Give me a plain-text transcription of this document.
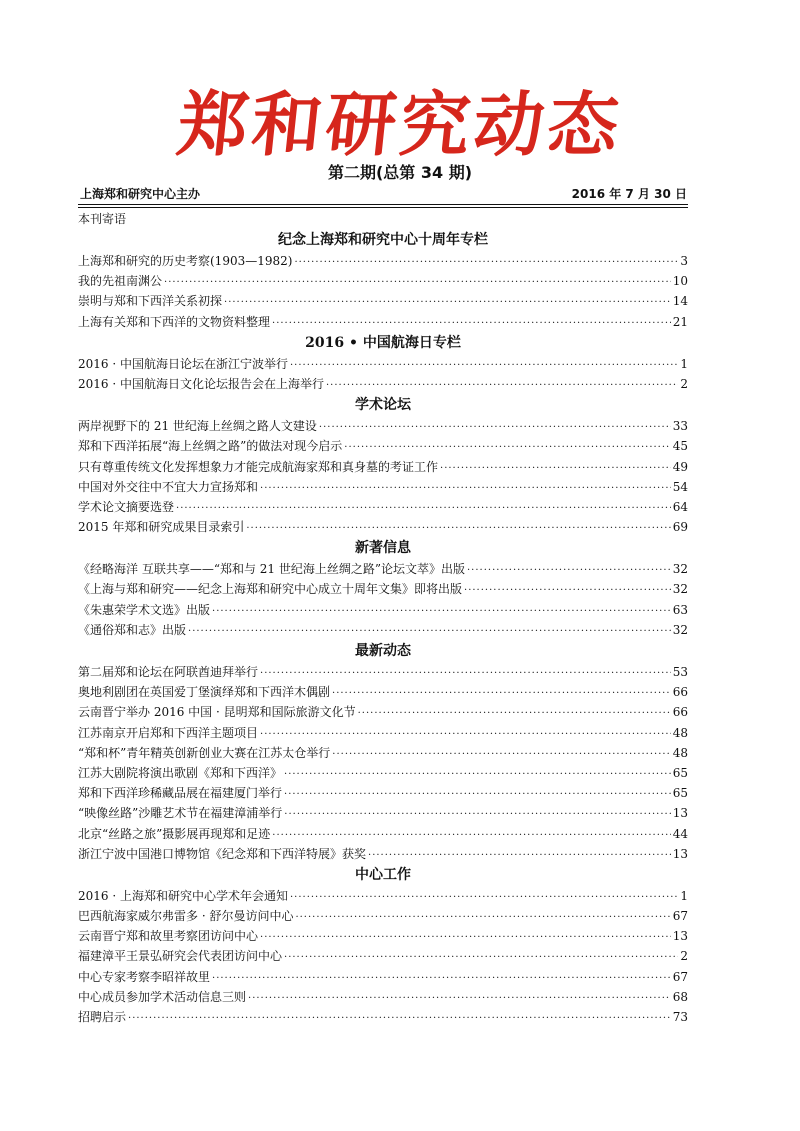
郑和研究动态
第二期(总第 34 期)
上海郑和研究中心主办	2016 年 7 月 30 日
本刊寄语
纪念上海郑和研究中心十周年专栏
上海郑和研究的历史考察(1903—1982) ·····	3
我的先祖南渊公 ·····	10
崇明与郑和下西洋关系初探 ·····	14
上海有关郑和下西洋的文物资料整理 ·····	21
2016 • 中国航海日专栏
2016 · 中国航海日论坛在浙江宁波举行 ·····	1
2016 · 中国航海日文化论坛报告会在上海举行 ·····	2
学术论坛
两岸视野下的 21 世纪海上丝绸之路人文建设 ·····	33
郑和下西洋拓展“海上丝绸之路”的做法对现今启示 ·····	45
只有尊重传统文化发挥想象力才能完成航海家郑和真身墓的考证工作 ·····	49
中国对外交往中不宜大力宣扬郑和 ·····	54
学术论文摘要选登 ·····	64
2015 年郑和研究成果目录索引 ·····	69
新著信息
《经略海洋 互联共享——“郑和与 21 世纪海上丝绸之路”论坛文萃》出版 ·····	32
《上海与郑和研究——纪念上海郑和研究中心成立十周年文集》即将出版 ·····	32
《朱惠荣学术文选》出版 ·····	63
《通俗郑和志》出版 ·····	32
最新动态
第二届郑和论坛在阿联酋迪拜举行 ·····	53
奥地利剧团在英国爱丁堡演绎郑和下西洋木偶剧 ·····	66
云南晋宁举办 2016 中国 · 昆明郑和国际旅游文化节 ·····	66
江苏南京开启郑和下西洋主题项目 ·····	48
“郑和杯”青年精英创新创业大赛在江苏太仓举行 ·····	48
江苏大剧院将演出歌剧《郑和下西洋》 ·····	65
郑和下西洋珍稀藏品展在福建厦门举行 ·····	65
“映像丝路”沙雕艺术节在福建漳浦举行 ·····	13
北京“丝路之旅”摄影展再现郑和足迹 ·····	44
浙江宁波中国港口博物馆《纪念郑和下西洋特展》获奖 ·····	13
中心工作
2016 · 上海郑和研究中心学术年会通知 ·····	1
巴西航海家威尔弗雷多 · 舒尔曼访问中心 ·····	67
云南晋宁郑和故里考察团访问中心 ·····	13
福建漳平王景弘研究会代表团访问中心 ·····	2
中心专家考察李昭祥故里 ·····	67
中心成员参加学术活动信息三则 ·····	68
招聘启示 ·····	73
